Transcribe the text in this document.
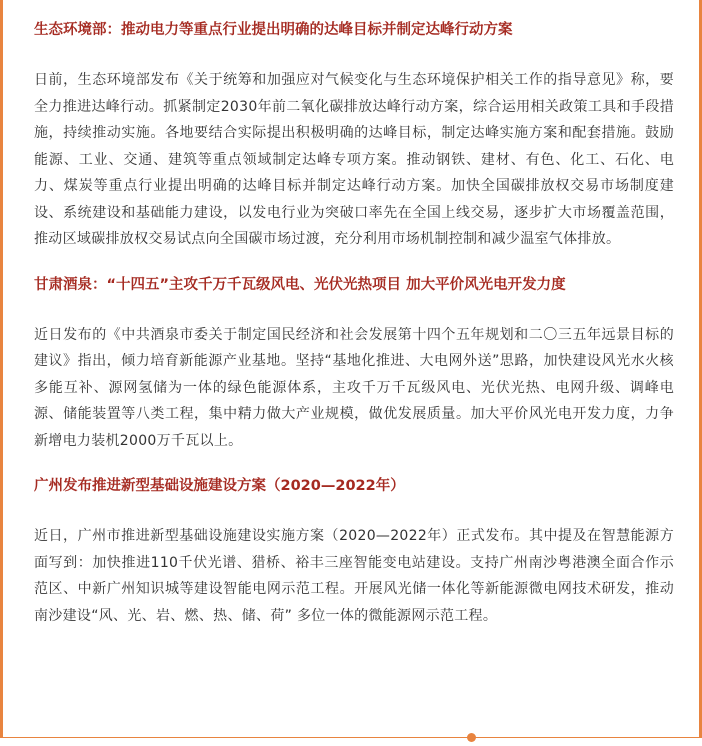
生态环境部：推动电力等重点行业提出明确的达峰目标并制定达峰行动方案

日前，生态环境部发布《关于统筹和加强应对气候变化与生态环境保护相关工作的指导意见》称，要全力推进达峰行动。抓紧制定2030年前二氧化碳排放达峰行动方案，综合运用相关政策工具和手段措施，持续推动实施。各地要结合实际提出积极明确的达峰目标，制定达峰实施方案和配套措施。鼓励能源、工业、交通、建筑等重点领域制定达峰专项方案。推动钢铁、建材、有色、化工、石化、电力、煤炭等重点行业提出明确的达峰目标并制定达峰行动方案。加快全国碳排放权交易市场制度建设、系统建设和基础能力建设，以发电行业为突破口率先在全国上线交易，逐步扩大市场覆盖范围，推动区域碳排放权交易试点向全国碳市场过渡，充分利用市场机制控制和减少温室气体排放。

甘肃酒泉：“十四五”主攻千万千瓦级风电、光伏光热项目 加大平价风光电开发力度

近日发布的《中共酒泉市委关于制定国民经济和社会发展第十四个五年规划和二〇三五年远景目标的建议》指出，倾力培育新能源产业基地。坚持“基地化推进、大电网外送”思路，加快建设风光水火核多能互补、源网氢储为一体的绿色能源体系，主攻千万千瓦级风电、光伏光热、电网升级、调峰电源、储能装置等八类工程，集中精力做大产业规模，做优发展质量。加大平价风光电开发力度，力争新增电力装机2000万千瓦以上。

广州发布推进新型基础设施建设方案（2020—2022年）

近日，广州市推进新型基础设施建设实施方案（2020—2022年）正式发布。其中提及在智慧能源方面写到：加快推进110千伏光谱、猎桥、裕丰三座智能变电站建设。支持广州南沙粤港澳全面合作示范区、中新广州知识城等建设智能电网示范工程。开展风光储一体化等新能源微电网技术研发，推动南沙建设“风、光、岩、燃、热、储、荷” 多位一体的微能源网示范工程。
